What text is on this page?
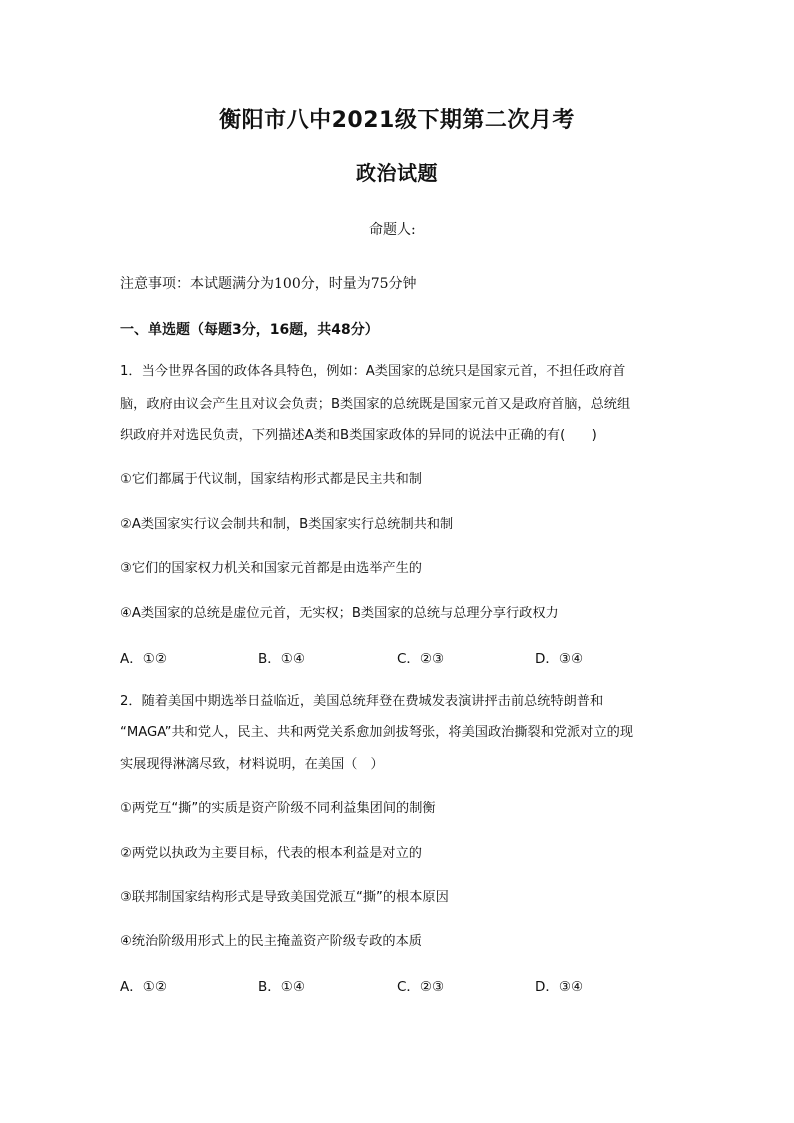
衡阳市八中2021级下期第二次月考
政治试题
命题人:
注意事项：本试题满分为100分，时量为75分钟
一、单选题（每题3分，16题，共48分）
1．当今世界各国的政体各具特色，例如：A类国家的总统只是国家元首，不担任政府首
脑，政府由议会产生且对议会负责；B类国家的总统既是国家元首又是政府首脑，总统组
织政府并对选民负责，下列描述A类和B类国家政体的异同的说法中正确的有(　　)
①它们都属于代议制，国家结构形式都是民主共和制
②A类国家实行议会制共和制，B类国家实行总统制共和制
③它们的国家权力机关和国家元首都是由选举产生的
④A类国家的总统是虚位元首，无实权；B类国家的总统与总理分享行政权力
A．①②	B．①④	C．②③	D．③④
2．随着美国中期选举日益临近，美国总统拜登在费城发表演讲抨击前总统特朗普和
“MAGA”共和党人，民主、共和两党关系愈加剑拔弩张，将美国政治撕裂和党派对立的现
实展现得淋漓尽致，材料说明，在美国（　）
①两党互“撕”的实质是资产阶级不同利益集团间的制衡
②两党以执政为主要目标，代表的根本利益是对立的
③联邦制国家结构形式是导致美国党派互“撕”的根本原因
④统治阶级用形式上的民主掩盖资产阶级专政的本质
A．①②	B．①④	C．②③	D．③④
